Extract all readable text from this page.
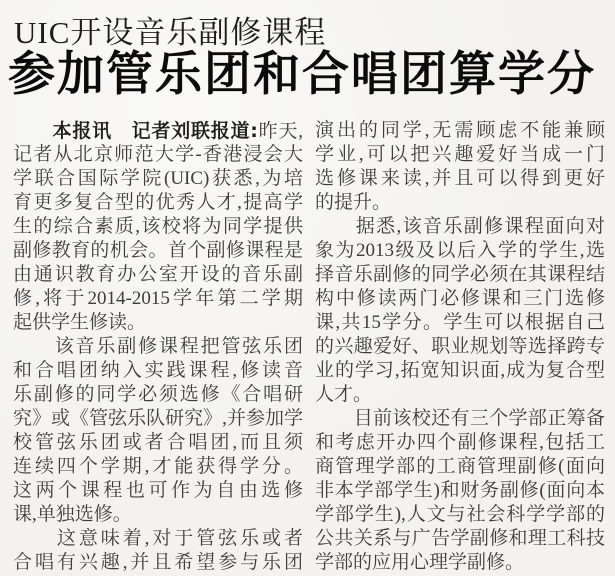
UIC开设音乐副修课程
参加管乐团和合唱团算学分
　　本报讯　记者刘联报道:昨天,
记者从北京师范大学-香港浸会大
学联合国际学院(UIC)获悉,为培
育更多复合型的优秀人才,提高学
生的综合素质,该校将为同学提供
副修教育的机会。首个副修课程是
由通识教育办公室开设的音乐副
修,将于2014-2015学年第二学期
起供学生修读。
　　该音乐副修课程把管弦乐团
和合唱团纳入实践课程,修读音
乐副修的同学必须选修《合唱研
究》或《管弦乐队研究》,并参加学
校管弦乐团或者合唱团,而且须
连续四个学期,才能获得学分。
这两个课程也可作为自由选修
课,单独选修。
　　这意味着,对于管弦乐或者
合唱有兴趣,并且希望参与乐团
演出的同学,无需顾虑不能兼顾
学业,可以把兴趣爱好当成一门
选修课来读,并且可以得到更好
的提升。
　　据悉,该音乐副修课程面向对
象为2013级及以后入学的学生,选
择音乐副修的同学必须在其课程结
构中修读两门必修课和三门选修
课,共15学分。学生可以根据自己
的兴趣爱好、职业规划等选择跨专
业的学习,拓宽知识面,成为复合型
人才。
　　目前该校还有三个学部正筹备
和考虑开办四个副修课程,包括工
商管理学部的工商管理副修(面向
非本学部学生)和财务副修(面向本
学部学生),人文与社会科学学部的
公共关系与广告学副修和理工科技
学部的应用心理学副修。
